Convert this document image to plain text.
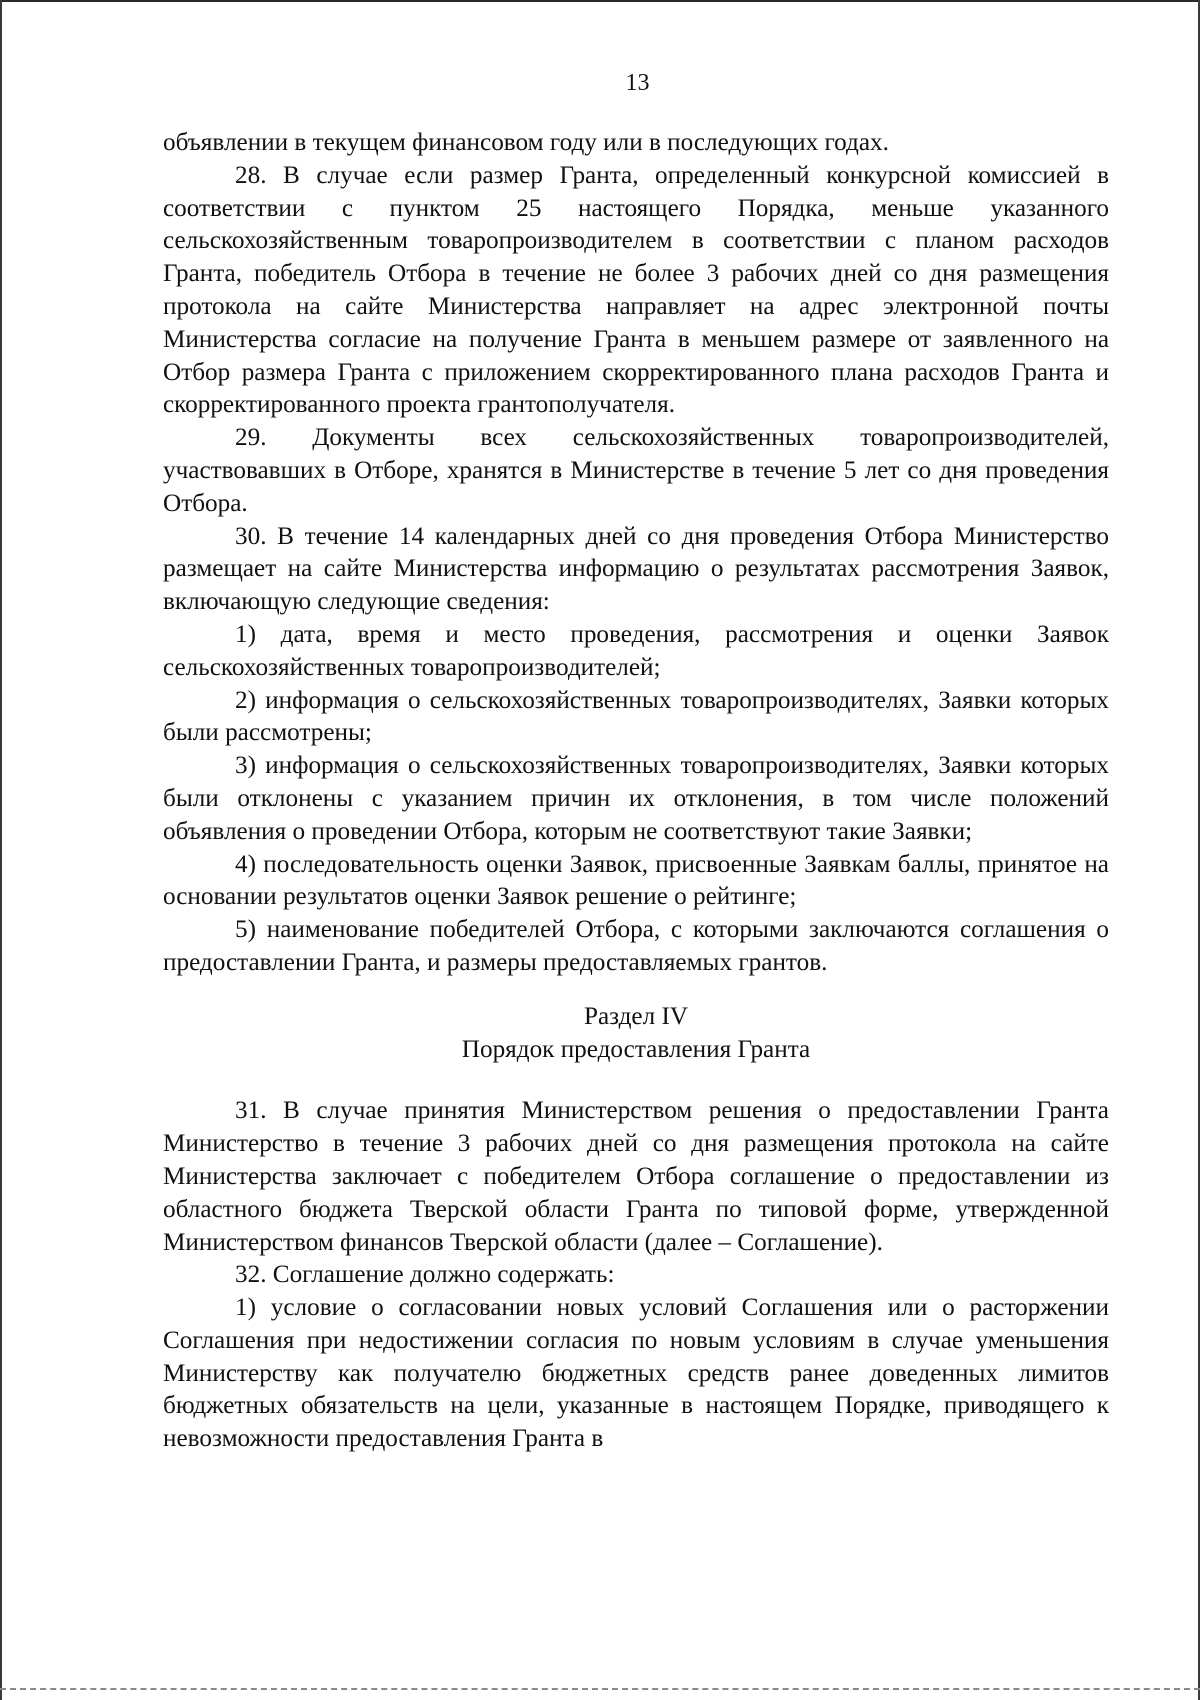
13

объявлении в текущем финансовом году или в последующих годах.

28. В случае если размер Гранта, определенный конкурсной комиссией в соответствии с пунктом 25 настоящего Порядка, меньше указанного сельскохозяйственным товаропроизводителем в соответствии с планом расходов Гранта, победитель Отбора в течение не более 3 рабочих дней со дня размещения протокола на сайте Министерства направляет на адрес электронной почты Министерства согласие на получение Гранта в меньшем размере от заявленного на Отбор размера Гранта с приложением скорректированного плана расходов Гранта и скорректированного проекта грантополучателя.

29. Документы всех сельскохозяйственных товаропроизводителей, участвовавших в Отборе, хранятся в Министерстве в течение 5 лет со дня проведения Отбора.

30. В течение 14 календарных дней со дня проведения Отбора Министерство размещает на сайте Министерства информацию о результатах рассмотрения Заявок, включающую следующие сведения:

1) дата, время и место проведения, рассмотрения и оценки Заявок сельскохозяйственных товаропроизводителей;

2) информация о сельскохозяйственных товаропроизводителях, Заявки которых были рассмотрены;

3) информация о сельскохозяйственных товаропроизводителях, Заявки которых были отклонены с указанием причин их отклонения, в том числе положений объявления о проведении Отбора, которым не соответствуют такие Заявки;

4) последовательность оценки Заявок, присвоенные Заявкам баллы, принятое на основании результатов оценки Заявок решение о рейтинге;

5) наименование победителей Отбора, с которыми заключаются соглашения о предоставлении Гранта, и размеры предоставляемых грантов.

Раздел IV

Порядок предоставления Гранта

31. В случае принятия Министерством решения о предоставлении Гранта Министерство в течение 3 рабочих дней со дня размещения протокола на сайте Министерства заключает с победителем Отбора соглашение о предоставлении из областного бюджета Тверской области Гранта по типовой форме, утвержденной Министерством финансов Тверской области (далее – Соглашение).

32. Соглашение должно содержать:

1) условие о согласовании новых условий Соглашения или о расторжении Соглашения при недостижении согласия по новым условиям в случае уменьшения Министерству как получателю бюджетных средств ранее доведенных лимитов бюджетных обязательств на цели, указанные в настоящем Порядке, приводящего к невозможности предоставления Гранта в
